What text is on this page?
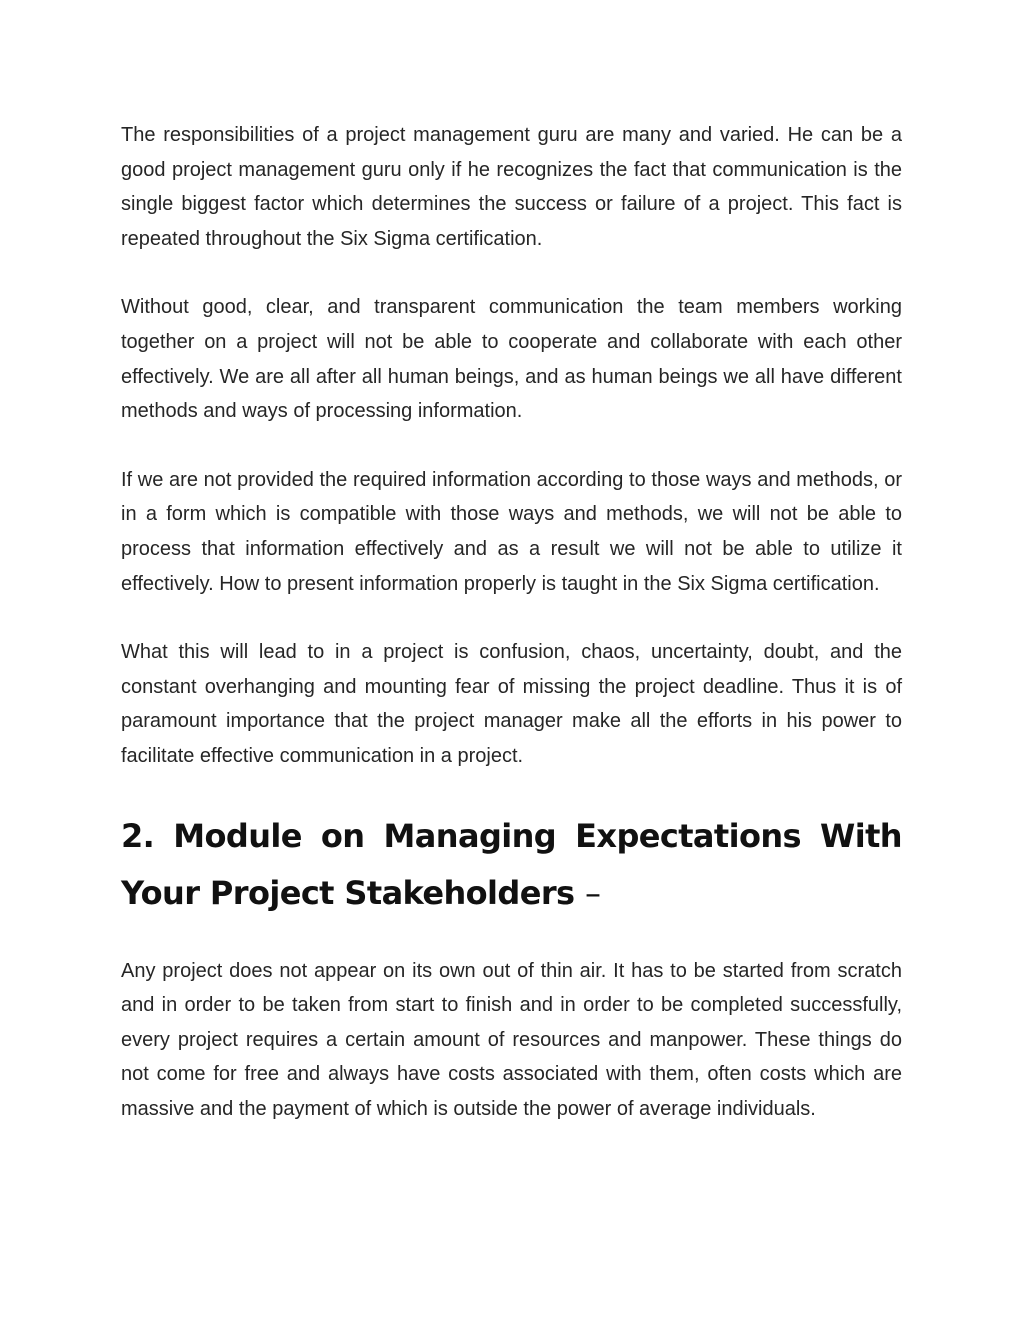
The responsibilities of a project management guru are many and varied. He can be a good project management guru only if he recognizes the fact that communication is the single biggest factor which determines the success or failure of a project. This fact is repeated throughout the Six Sigma certification.

Without good, clear, and transparent communication the team members working together on a project will not be able to cooperate and collaborate with each other effectively. We are all after all human beings, and as human beings we all have different methods and ways of processing information.

If we are not provided the required information according to those ways and methods, or in a form which is compatible with those ways and methods, we will not be able to process that information effectively and as a result we will not be able to utilize it effectively. How to present information properly is taught in the Six Sigma certification.

What this will lead to in a project is confusion, chaos, uncertainty, doubt, and the constant overhanging and mounting fear of missing the project deadline. Thus it is of paramount importance that the project manager make all the efforts in his power to facilitate effective communication in a project.

2. Module on Managing Expectations With Your Project Stakeholders –

Any project does not appear on its own out of thin air. It has to be started from scratch and in order to be taken from start to finish and in order to be completed successfully, every project requires a certain amount of resources and manpower. These things do not come for free and always have costs associated with them, often costs which are massive and the payment of which is outside the power of average individuals.
